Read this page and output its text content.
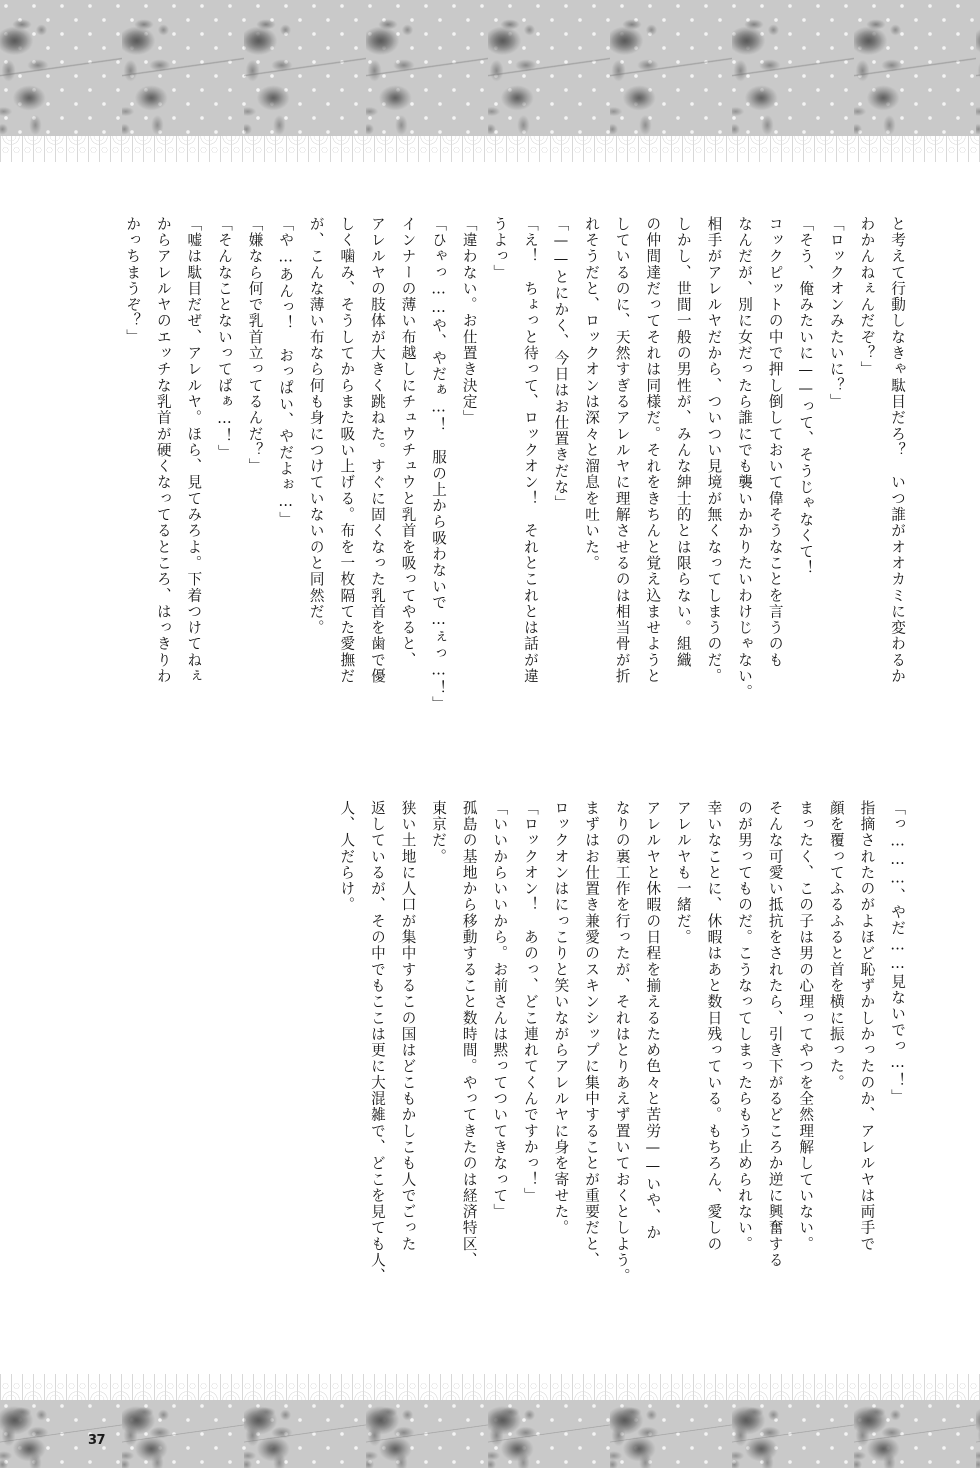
と考えて行動しなきゃ駄目だろ？　いつ誰がオオカミに変わるか

わかんねぇんだぞ？」

「ロックオンみたいに？」

「そう、俺みたいに——って、そうじゃなくて！

コックピットの中で押し倒しておいて偉そうなことを言うのも

なんだが、別に女だったら誰にでも襲いかかりたいわけじゃない。

相手がアレルヤだから、ついつい見境が無くなってしまうのだ。

しかし、世間一般の男性が、みんな紳士的とは限らない。組織

の仲間達だってそれは同様だ。それをきちんと覚え込ませようと

しているのに、天然すぎるアレルヤに理解させるのは相当骨が折

れそうだと、ロックオンは深々と溜息を吐いた。

「——とにかく、今日はお仕置きだな」

「え！　ちょっと待って、ロックオン！　それとこれとは話が違

うよっ」

「違わない。お仕置き決定」

「ひゃっ……や、やだぁ…！　服の上から吸わないで…ぇっ…！」

インナーの薄い布越しにチュウチュウと乳首を吸ってやると、

アレルヤの肢体が大きく跳ねた。すぐに固くなった乳首を歯で優

しく噛み、そうしてからまた吸い上げる。布を一枚隔てた愛撫だ

が、こんな薄い布なら何も身につけていないのと同然だ。

「や…あんっ！　おっぱい、やだよぉ…」

「嫌なら何で乳首立ってるんだ？」

「そんなことないってばぁ…！」

「嘘は駄目だぜ、アレルヤ。ほら、見てみろよ。下着つけてねぇ

からアレルヤのエッチな乳首が硬くなってるところ、はっきりわ

かっちまうぞ？」

「っ………、やだ……見ないでっ…！」

指摘されたのがよほど恥ずかしかったのか、アレルヤは両手で

顔を覆ってふるふると首を横に振った。

まったく、この子は男の心理ってやつを全然理解していない。

そんな可愛い抵抗をされたら、引き下がるどころか逆に興奮する

のが男ってものだ。こうなってしまったらもう止められない。

幸いなことに、休暇はあと数日残っている。もちろん、愛しの

アレルヤも一緒だ。

アレルヤと休暇の日程を揃えるため色々と苦労——いや、か

なりの裏工作を行ったが、それはとりあえず置いておくとしよう。

まずはお仕置き兼愛のスキンシップに集中することが重要だと、

ロックオンはにっこりと笑いながらアレルヤに身を寄せた。

「ロックオン！　あのっ、どこ連れてくんですかっ！」

「いいからいいから。お前さんは黙ってついてきなって」

孤島の基地から移動すること数時間。やってきたのは経済特区、

東京だ。

狭い土地に人口が集中するこの国はどこもかしこも人でごった

返しているが、その中でもここは更に大混雑で、どこを見ても人、

人、人だらけ。

37
